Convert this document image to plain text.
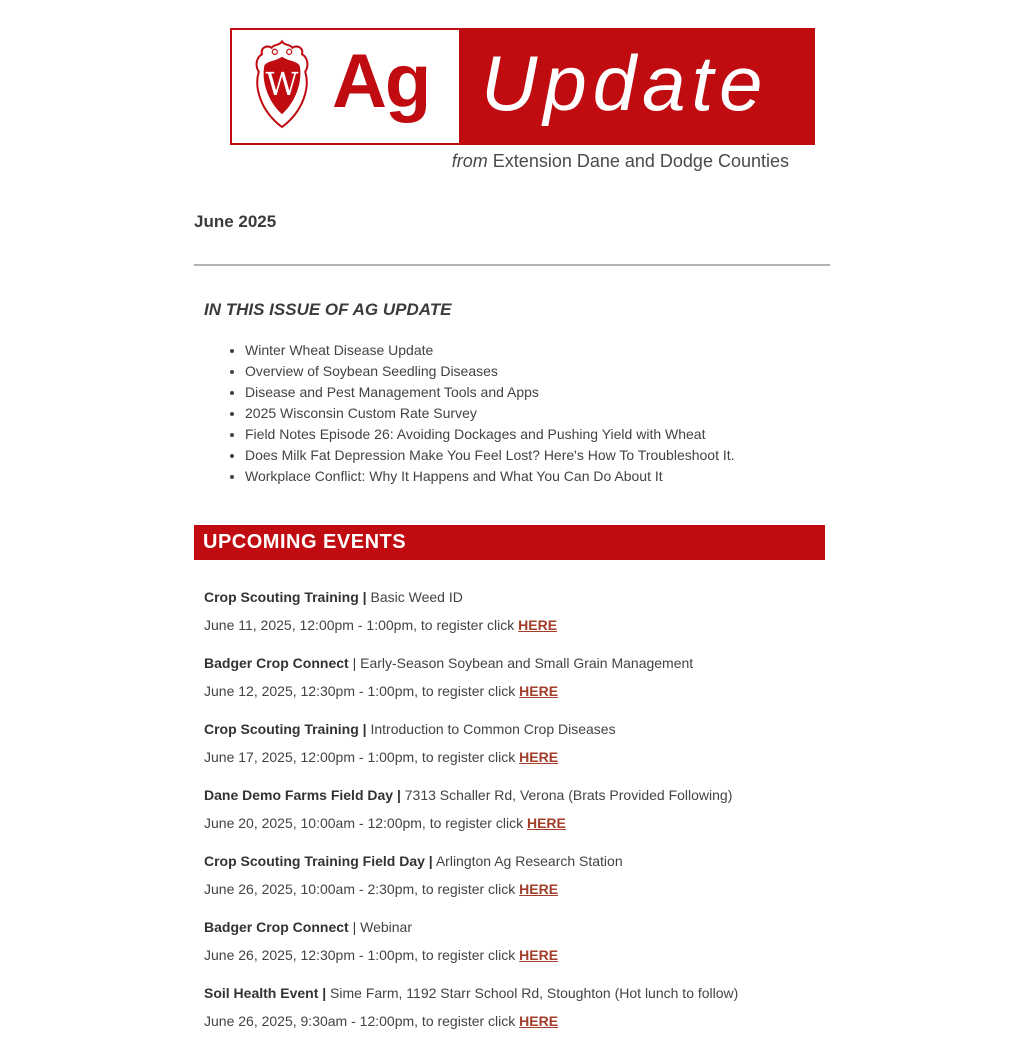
W Ag Update
from Extension Dane and Dodge Counties
June 2025
IN THIS ISSUE OF AG UPDATE
• Winter Wheat Disease Update
• Overview of Soybean Seedling Diseases
• Disease and Pest Management Tools and Apps
• 2025 Wisconsin Custom Rate Survey
• Field Notes Episode 26: Avoiding Dockages and Pushing Yield with Wheat
• Does Milk Fat Depression Make You Feel Lost? Here's How To Troubleshoot It.
• Workplace Conflict: Why It Happens and What You Can Do About It
UPCOMING EVENTS

Crop Scouting Training | Basic Weed ID

June 11, 2025, 12:00pm - 1:00pm, to register click HERE

Badger Crop Connect | Early-Season Soybean and Small Grain Management

June 12, 2025, 12:30pm - 1:00pm, to register click HERE

Crop Scouting Training | Introduction to Common Crop Diseases

June 17, 2025, 12:00pm - 1:00pm, to register click HERE

Dane Demo Farms Field Day | 7313 Schaller Rd, Verona (Brats Provided Following)

June 20, 2025, 10:00am - 12:00pm, to register click HERE

Crop Scouting Training Field Day | Arlington Ag Research Station

June 26, 2025, 10:00am - 2:30pm, to register click HERE

Badger Crop Connect | Webinar

June 26, 2025, 12:30pm - 1:00pm, to register click HERE

Soil Health Event | Sime Farm, 1192 Starr School Rd, Stoughton (Hot lunch to follow)

June 26, 2025, 9:30am - 12:00pm, to register click HERE
